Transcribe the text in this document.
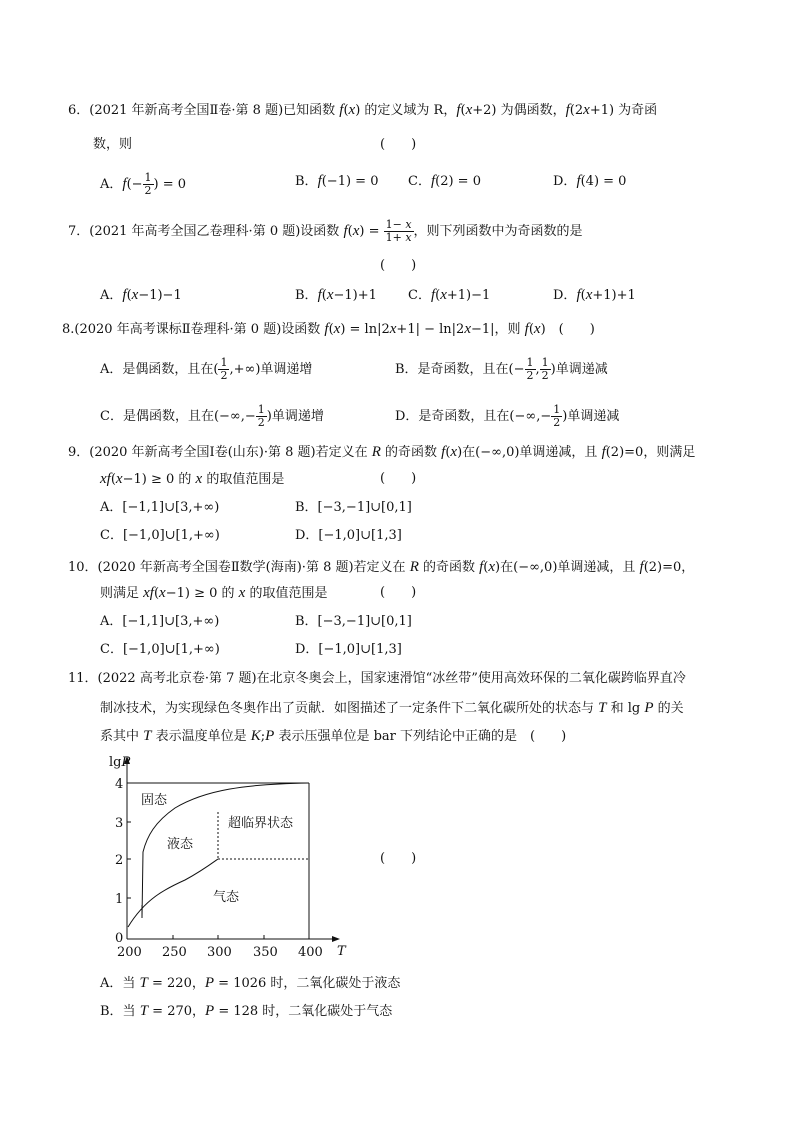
6．(2021 年新高考全国Ⅱ卷·第 8 题)已知函数 f(x) 的定义域为 R，f(x+2) 为偶函数，f(2x+1) 为奇函
数，则	(　　)
A．$f(- \frac{1}{2}$ ) = 0	B．f(−1) = 0 C．f(2) = 0	D．f(4) = 0
7．(2021 年高考全国乙卷理科·第 0 题)设函数 $f(x) = \frac{1- x}{1+ x}$ ，则下列函数中为奇函数的是
(　　)
A．f(x−1)−1	B．f(x−1)+1 C．f(x+1)−1	D．f(x+1)+1
8.(2020 年高考课标Ⅱ卷理科·第 0 题)设函数 f(x) = ln|2x+1| − ln|2x−1|，则 f(x)　(　　)
A．是偶函数，且在( $\frac{1}{2}$ ,+∞)单调递增	B．是奇函数，且在(− $\frac{1}{2}$ , $\frac{1}{2}$ )单调递减
C．是偶函数，且在(−∞,− $\frac{1}{2}$ )单调递增	D．是奇函数，且在(−∞,− $\frac{1}{2}$ )单调递减
9．(2020 年新高考全国Ⅰ卷(山东)·第 8 题)若定义在 R 的奇函数 f(x)在(−∞,0)单调递减，且 f(2)=0，则满足
xf(x−1) ≥ 0 的 x 的取值范围是	(　　)
A．[−1,1]∪[3,+∞)	B．[−3,−1]∪[0,1]
C．[−1,0]∪[1,+∞)	D．[−1,0]∪[1,3]
10．(2020 年新高考全国卷Ⅱ数学(海南)·第 8 题)若定义在 R 的奇函数 f(x)在(−∞,0)单调递减，且 f(2)=0，
则满足 xf(x−1) ≥ 0 的 x 的取值范围是	(　　)
A．[−1,1]∪[3,+∞)	B．[−3,−1]∪[0,1]
C．[−1,0]∪[1,+∞)	D．[−1,0]∪[1,3]
11．(2022 高考北京卷·第 7 题)在北京冬奥会上，国家速滑馆“冰丝带”使用高效环保的二氧化碳跨临界直冷
制冰技术，为实现绿色冬奥作出了贡献．如图描述了一定条件下二氧化碳所处的状态与 T 和 lg P 的关
系其中 T 表示温度单位是 K;P 表示压强单位是 bar 下列结论中正确的是　(　　)
lgP
T
4
3
2
1
0
200 250 300 350 400
固态
液态
超临界状态
气态
(　　)
A．当 T = 220，P = 1026 时，二氧化碳处于液态
B．当 T = 270，P = 128 时，二氧化碳处于气态
